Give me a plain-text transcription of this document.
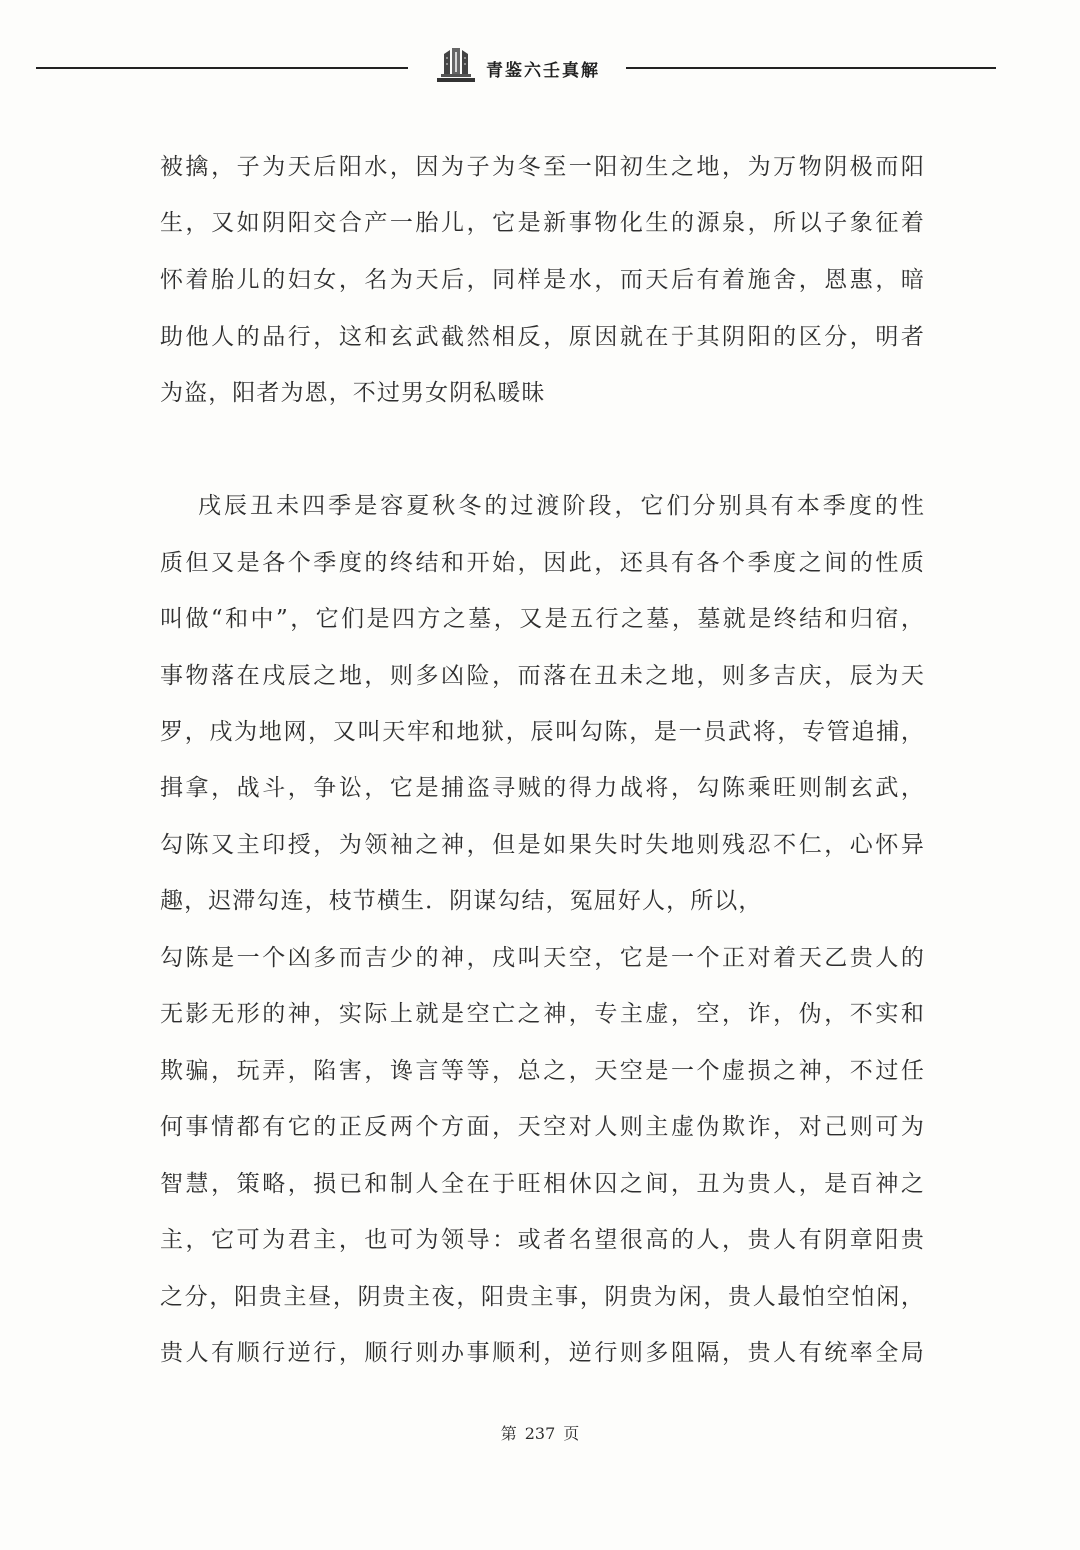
青鉴六壬真解
被擒，子为天后阳水，因为子为冬至一阳初生之地，为万物阴极而阳
生，又如阴阳交合产一胎儿，它是新事物化生的源泉，所以子象征着
怀着胎儿的妇女，名为天后，同样是水，而天后有着施舍，恩惠，暗
助他人的品行，这和玄武截然相反，原因就在于其阴阳的区分，明者
为盗，阳者为恩，不过男女阴私暖昧
戌辰丑未四季是容夏秋冬的过渡阶段，它们分别具有本季度的性
质但又是各个季度的终结和开始，因此，还具有各个季度之间的性质
叫做“和中”，它们是四方之墓，又是五行之墓，墓就是终结和归宿，
事物落在戌辰之地，则多凶险，而落在丑未之地，则多吉庆，辰为天
罗，戌为地网，又叫天牢和地狱，辰叫勾陈，是一员武将，专管追捕，
揖拿，战斗，争讼，它是捕盗寻贼的得力战将，勾陈乘旺则制玄武，
勾陈又主印授，为领袖之神，但是如果失时失地则残忍不仁，心怀异
趣，迟滞勾连，枝节横生．阴谋勾结，冤屈好人，所以，
勾陈是一个凶多而吉少的神，戌叫天空，它是一个正对着天乙贵人的
无影无形的神，实际上就是空亡之神，专主虚，空，诈，伪，不实和
欺骗，玩弄，陷害，谗言等等，总之，天空是一个虚损之神，不过任
何事情都有它的正反两个方面，天空对人则主虚伪欺诈，对己则可为
智慧，策略，损已和制人全在于旺相休囚之间，丑为贵人，是百神之
主，它可为君主，也可为领导：或者名望很高的人，贵人有阴章阳贵
之分，阳贵主昼，阴贵主夜，阳贵主事，阴贵为闲，贵人最怕空怕闲，
贵人有顺行逆行，顺行则办事顺利，逆行则多阻隔，贵人有统率全局
第 237 页
